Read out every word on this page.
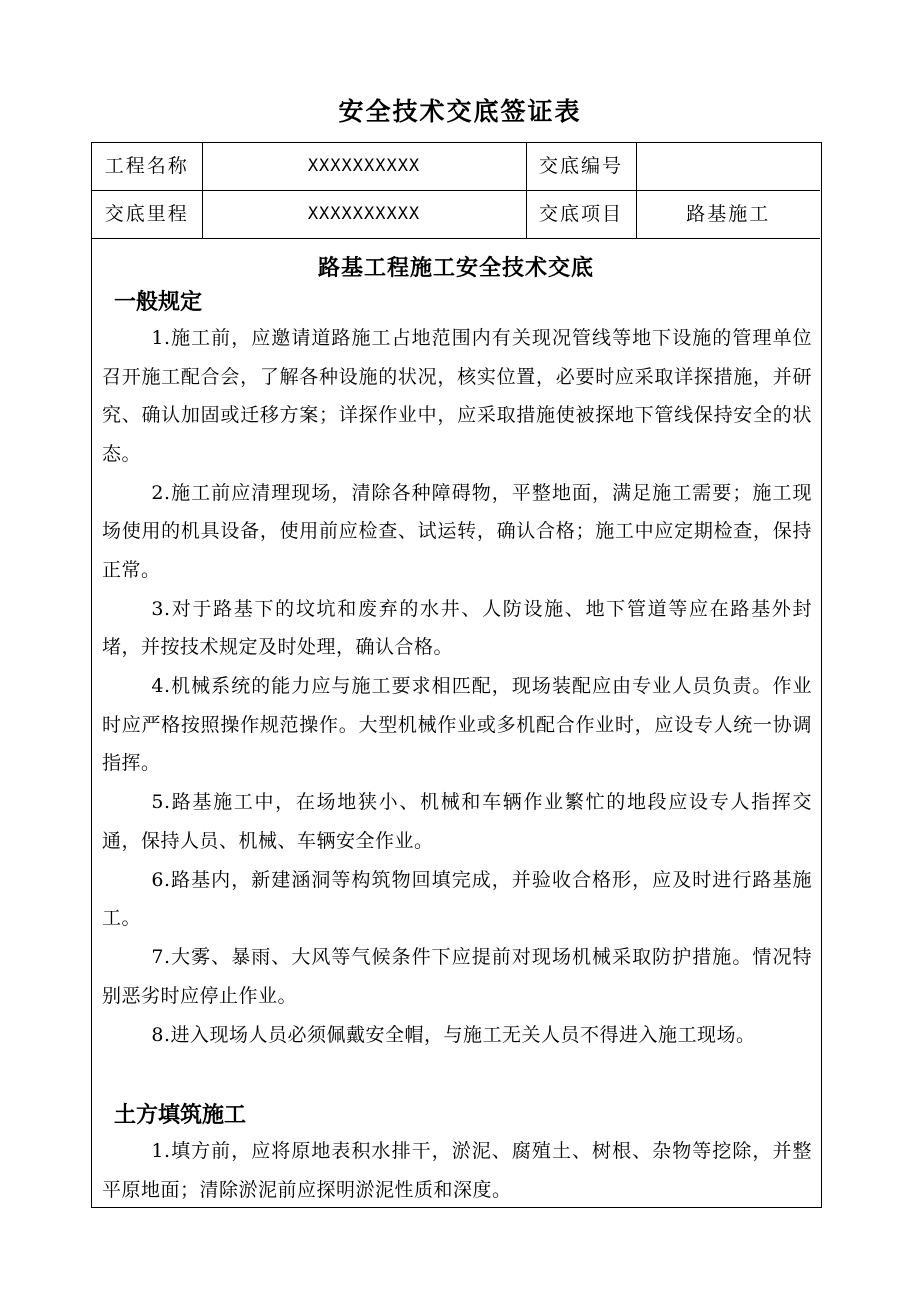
安全技术交底签证表
工程名称	XXXXXXXXXX	交底编号	
交底里程	XXXXXXXXXX	交底项目	路基施工
路基工程施工安全技术交底
一般规定

1.施工前，应邀请道路施工占地范围内有关现况管线等地下设施的管理单位召开施工配合会，了解各种设施的状况，核实位置，必要时应采取详探措施，并研究、确认加固或迁移方案；详探作业中，应采取措施使被探地下管线保持安全的状态。

2.施工前应清理现场，清除各种障碍物，平整地面，满足施工需要；施工现场使用的机具设备，使用前应检查、试运转，确认合格；施工中应定期检查，保持正常。

3.对于路基下的坟坑和废弃的水井、人防设施、地下管道等应在路基外封堵，并按技术规定及时处理，确认合格。

4.机械系统的能力应与施工要求相匹配，现场装配应由专业人员负责。作业时应严格按照操作规范操作。大型机械作业或多机配合作业时，应设专人统一协调指挥。

5.路基施工中，在场地狭小、机械和车辆作业繁忙的地段应设专人指挥交通，保持人员、机械、车辆安全作业。

6.路基内，新建涵洞等构筑物回填完成，并验收合格形，应及时进行路基施工。

7.大雾、暴雨、大风等气候条件下应提前对现场机械采取防护措施。情况特别恶劣时应停止作业。

8.进入现场人员必须佩戴安全帽，与施工无关人员不得进入施工现场。

土方填筑施工

1.填方前，应将原地表积水排干，淤泥、腐殖土、树根、杂物等挖除，并整平原地面；清除淤泥前应探明淤泥性质和深度。
